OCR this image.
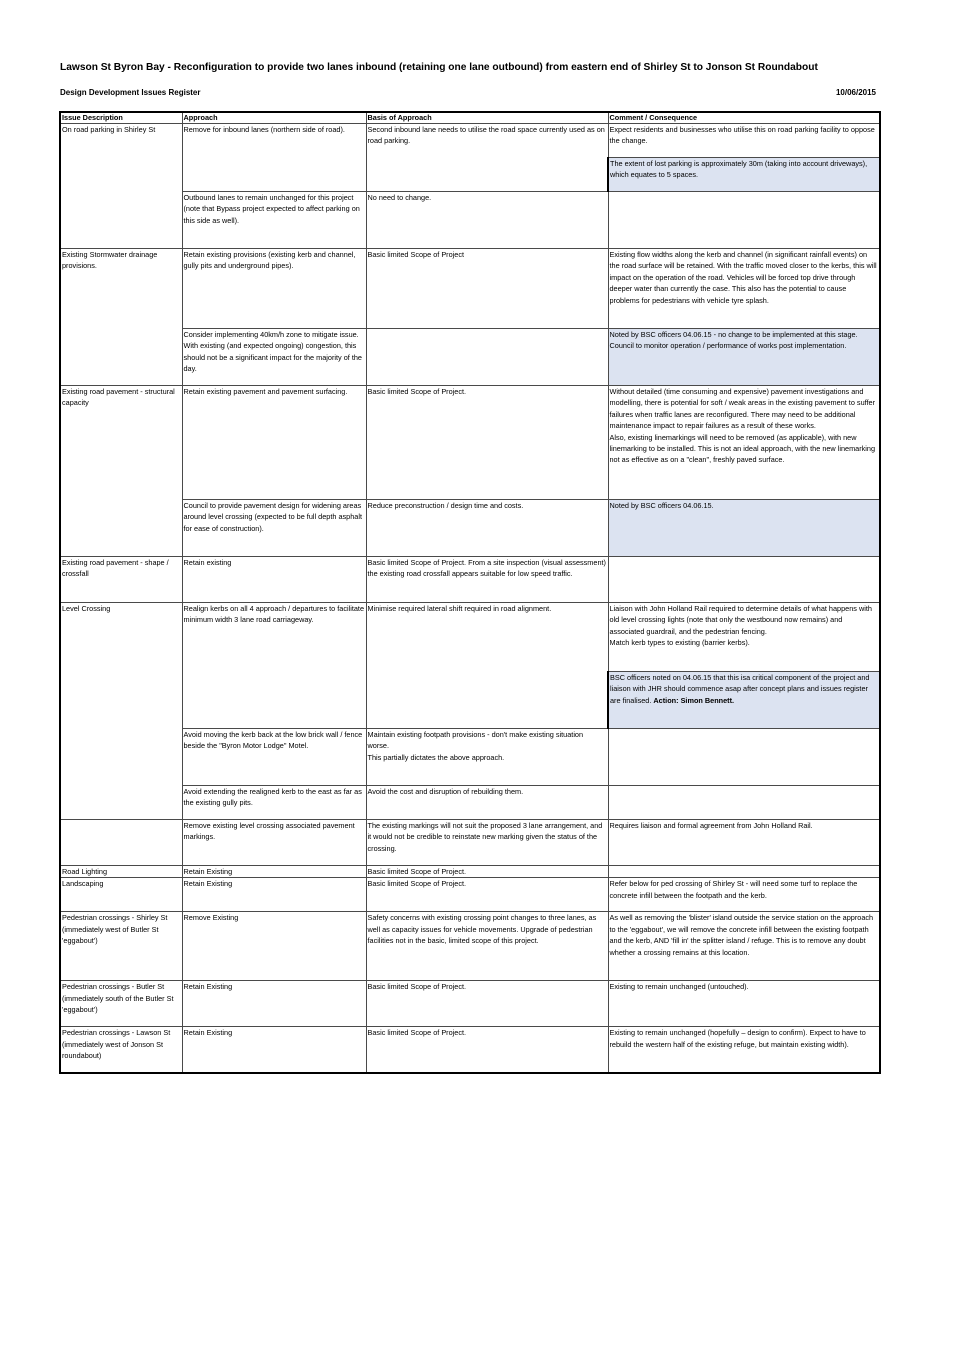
Lawson St Byron Bay - Reconfiguration to provide two lanes inbound (retaining one lane outbound) from eastern end of Shirley St to Jonson St Roundabout
Design Development Issues Register	10/06/2015
Issue Description	Approach	Basis of Approach	Comment / Consequence
On road parking in Shirley St	Remove for inbound lanes (northern side of road).	Second inbound lane needs to utilise the road space currently used as on road parking.	Expect residents and businesses who utilise this on road parking facility to oppose the change.
			The extent of lost parking is approximately 30m (taking into account driveways), which equates to 5 spaces.
	Outbound lanes to remain unchanged for this project (note that Bypass project expected to affect parking on this side as well).	No need to change.	
Existing Stormwater drainage provisions.	Retain existing provisions (existing kerb and channel, gully pits and underground pipes).	Basic limited Scope of Project	Existing flow widths along the kerb and channel (in significant rainfall events) on the road surface will be retained. With the traffic moved closer to the kerbs, this will impact on the operation of the road. Vehicles will be forced top drive through deeper water than currently the case. This also has the potential to cause problems for pedestrians with vehicle tyre splash.
	Consider implementing 40km/h zone to mitigate issue. With existing (and expected ongoing) congestion, this should not be a significant impact for the majority of the day.		Noted by BSC officers 04.06.15 - no change to be implemented at this stage. Council to monitor operation / performance of works post implementation.
Existing road pavement - structural capacity	Retain existing pavement and pavement surfacing.	Basic limited Scope of Project.	Without detailed (time consuming and expensive) pavement investigations and modelling, there is potential for soft / weak areas in the existing pavement to suffer failures when traffic lanes are reconfigured. There may need to be additional maintenance impact to repair failures as a result of these works.
Also, existing linemarkings will need to be removed (as applicable), with new linemarking to be installed. This is not an ideal approach, with the new linemarking not as effective as on a "clean", freshly paved surface.

	Council to provide pavement design for widening areas around level crossing (expected to be full depth asphalt for ease of construction).	Reduce preconstruction / design time and costs.	Noted by BSC officers 04.06.15.
Existing road pavement - shape / crossfall	Retain existing	Basic limited Scope of Project. From a site inspection (visual assessment) the existing road crossfall appears suitable for low speed traffic.	
Level Crossing	Realign kerbs on all 4 approach / departures to facilitate minimum width 3 lane road carriageway.	Minimise required lateral shift required in road alignment.	Liaison with John Holland Rail required to determine details of what happens with old level crossing lights (note that only the westbound now remains) and associated guardrail, and the pedestrian fencing.
Match kerb types to existing (barrier kerbs).

			BSC officers noted on 04.06.15 that this isa critical component of the project and liaison with JHR should commence asap after concept plans and issues register are finalised. Action: Simon Bennett.
	Avoid moving the kerb back at the low brick wall / fence beside the "Byron Motor Lodge" Motel.	Maintain existing footpath provisions - don't make existing situation worse.
This partially dictates the above approach.	

	Avoid extending the realigned kerb to the east as far as the existing gully pits.	Avoid the cost and disruption of rebuilding them.	
	Remove existing level crossing associated pavement markings.	The existing markings will not suit the proposed 3 lane arrangement, and it would not be credible to reinstate new marking given the status of the crossing.	Requires liaison and formal agreement from John Holland Rail.
Road Lighting	Retain Existing	Basic limited Scope of Project.	
Landscaping	Retain Existing	Basic limited Scope of Project.	Refer below for ped crossing of Shirley St - will need some turf to replace the concrete infill between the footpath and the kerb.
Pedestrian crossings - Shirley St (immediately west of Butler St 'eggabout')	Remove Existing	Safety concerns with existing crossing point changes to three lanes, as well as capacity issues for vehicle movements. Upgrade of pedestrian facilities not in the basic, limited scope of this project.	As well as removing the 'blister' island outside the service station on the approach to the 'eggabout', we will remove the concrete infill between the existing footpath and the kerb, AND 'fill in' the splitter island / refuge. This is to remove any doubt whether a crossing remains at this location.
Pedestrian crossings - Butler St (immediately south of the Butler St 'eggabout')	Retain Existing	Basic limited Scope of Project.	Existing to remain unchanged (untouched).
Pedestrian crossings - Lawson St (immediately west of Jonson St roundabout)	Retain Existing	Basic limited Scope of Project.	Existing to remain unchanged (hopefully – design to confirm). Expect to have to rebuild the western half of the existing refuge, but maintain existing width).
